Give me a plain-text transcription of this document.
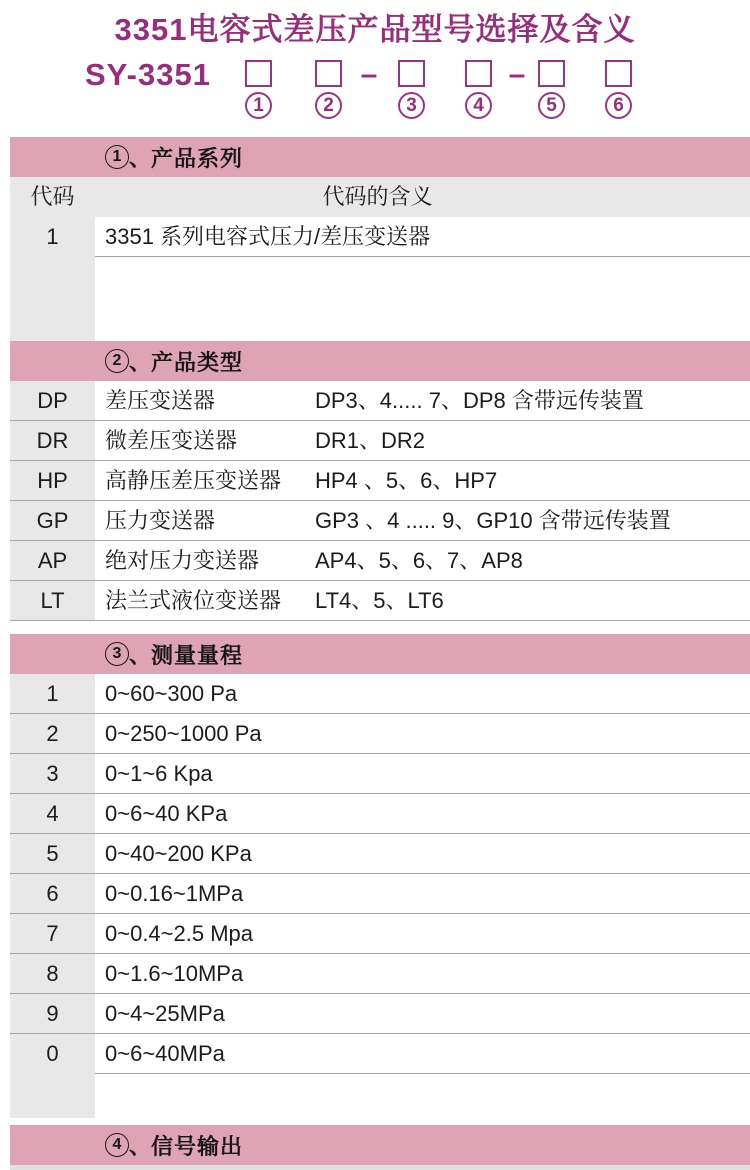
3351电容式差压产品型号选择及含义
SY-3351
1	2
–
3	4
–
5	6
1 、 产品系列
代码	代码的含义
1	3351 系列电容式压力/差压变送器
2 、 产品类型
DP	差压变送器	DP3、4..... 7、DP8 含带远传装置
DR	微差压变送器	DR1、DR2
HP	高静压差压变送器	HP4 、5、6、HP7
GP	压力变送器	GP3 、4 ..... 9、GP10 含带远传装置
AP	绝对压力变送器	AP4、5、6、7、AP8
LT	法兰式液位变送器	LT4、5、LT6
3 、 测量量程
1	0~60~300 Pa
2	0~250~1000 Pa
3	0~1~6 Kpa
4	0~6~40 KPa
5	0~40~200 KPa
6	0~0.16~1MPa
7	0~0.4~2.5 Mpa
8	0~1.6~10MPa
9	0~4~25MPa
0	0~6~40MPa
4 、 信号输出
